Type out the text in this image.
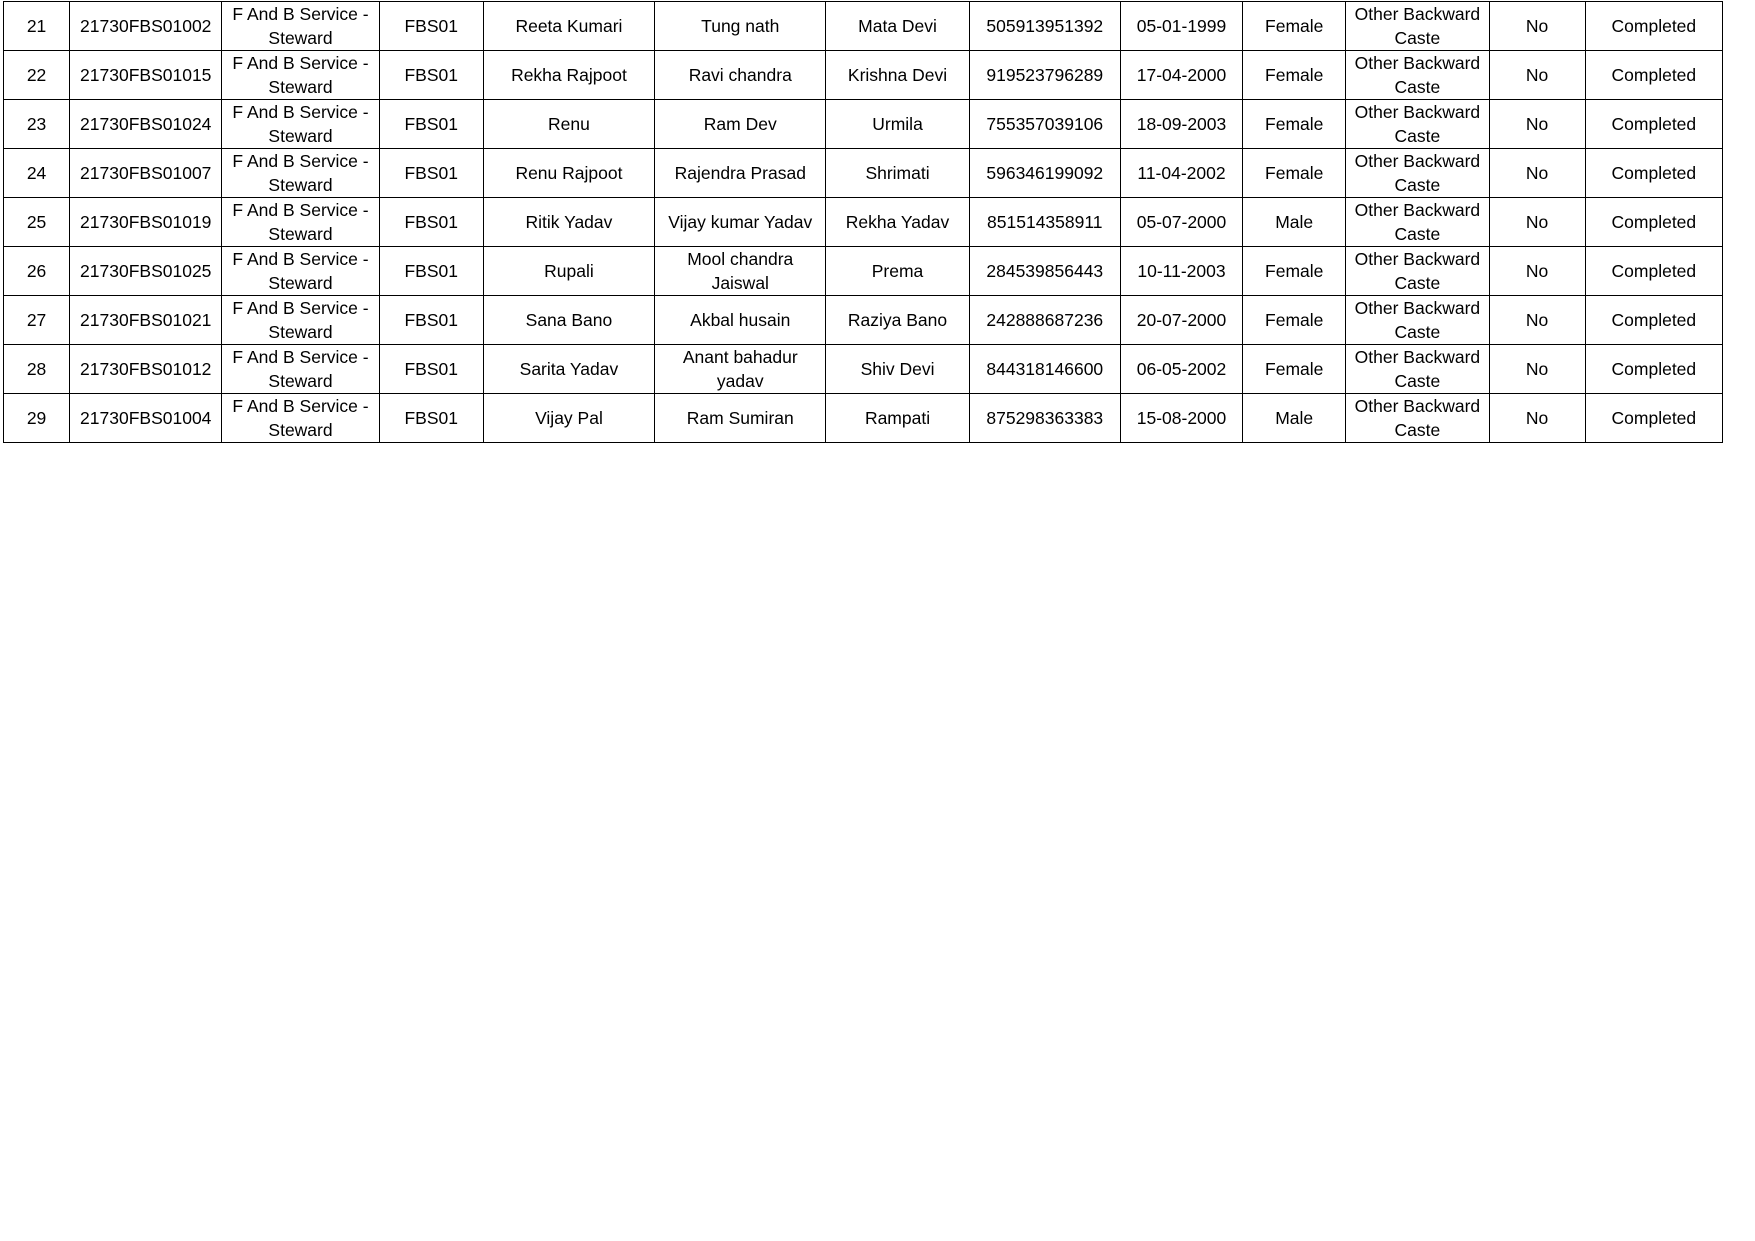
21	21730FBS01002	F And B Service - Steward	FBS01	Reeta Kumari	Tung nath	Mata Devi	505913951392	05-01-1999	Female	Other Backward Caste	No	Completed
22	21730FBS01015	F And B Service - Steward	FBS01	Rekha Rajpoot	Ravi chandra	Krishna Devi	919523796289	17-04-2000	Female	Other Backward Caste	No	Completed
23	21730FBS01024	F And B Service - Steward	FBS01	Renu	Ram Dev	Urmila	755357039106	18-09-2003	Female	Other Backward Caste	No	Completed
24	21730FBS01007	F And B Service - Steward	FBS01	Renu Rajpoot	Rajendra Prasad	Shrimati	596346199092	11-04-2002	Female	Other Backward Caste	No	Completed
25	21730FBS01019	F And B Service - Steward	FBS01	Ritik Yadav	Vijay kumar Yadav	Rekha Yadav	851514358911	05-07-2000	Male	Other Backward Caste	No	Completed
26	21730FBS01025	F And B Service - Steward	FBS01	Rupali	Mool chandra Jaiswal	Prema	284539856443	10-11-2003	Female	Other Backward Caste	No	Completed
27	21730FBS01021	F And B Service - Steward	FBS01	Sana Bano	Akbal husain	Raziya Bano	242888687236	20-07-2000	Female	Other Backward Caste	No	Completed
28	21730FBS01012	F And B Service - Steward	FBS01	Sarita Yadav	Anant bahadur yadav	Shiv Devi	844318146600	06-05-2002	Female	Other Backward Caste	No	Completed
29	21730FBS01004	F And B Service - Steward	FBS01	Vijay Pal	Ram Sumiran	Rampati	875298363383	15-08-2000	Male	Other Backward Caste	No	Completed
